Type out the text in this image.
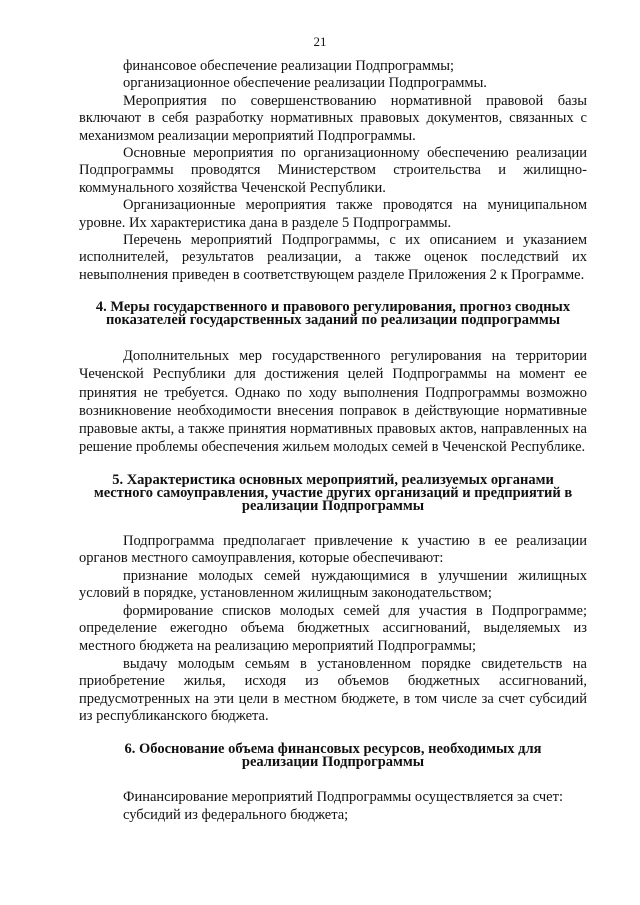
21

финансовое обеспечение реализации Подпрограммы;

организационное обеспечение реализации Подпрограммы.

Мероприятия по совершенствованию нормативной правовой базы включают в себя разработку нормативных правовых документов, связанных с механизмом реализации мероприятий Подпрограммы.

Основные мероприятия по организационному обеспечению реализации Подпрограммы проводятся Министерством строительства и жилищно-коммунального хозяйства Чеченской Республики.

Организационные мероприятия также проводятся на муниципальном уровне. Их характеристика дана в разделе 5 Подпрограммы.

Перечень мероприятий Подпрограммы, с их описанием и указанием исполнителей, результатов реализации, а также оценок последствий их невыполнения приведен в соответствующем разделе Приложения 2 к Программе.

4. Меры государственного и правового регулирования, прогноз сводных показателей государственных заданий по реализации подпрограммы

Дополнительных мер государственного регулирования на территории Чеченской Республики для достижения целей Подпрограммы на момент ее принятия не требуется. Однако по ходу выполнения Подпрограммы возможно возникновение необходимости внесения поправок в действующие нормативные правовые акты, а также принятия нормативных правовых актов, направленных на решение проблемы обеспечения жильем молодых семей в Чеченской Республике.

5. Характеристика основных мероприятий, реализуемых органами местного самоуправления, участие других организаций и предприятий в реализации Подпрограммы

Подпрограмма предполагает привлечение к участию в ее реализации органов местного самоуправления, которые обеспечивают:

признание молодых семей нуждающимися в улучшении жилищных условий в порядке, установленном жилищным законодательством;

формирование списков молодых семей для участия в Подпрограмме; определение ежегодно объема бюджетных ассигнований, выделяемых из местного бюджета на реализацию мероприятий Подпрограммы;

выдачу молодым семьям в установленном порядке свидетельств на приобретение жилья, исходя из объемов бюджетных ассигнований, предусмотренных на эти цели в местном бюджете, в том числе за счет субсидий из республиканского бюджета.

6. Обоснование объема финансовых ресурсов, необходимых для реализации Подпрограммы

Финансирование мероприятий Подпрограммы осуществляется за счет:

субсидий из федерального бюджета;
